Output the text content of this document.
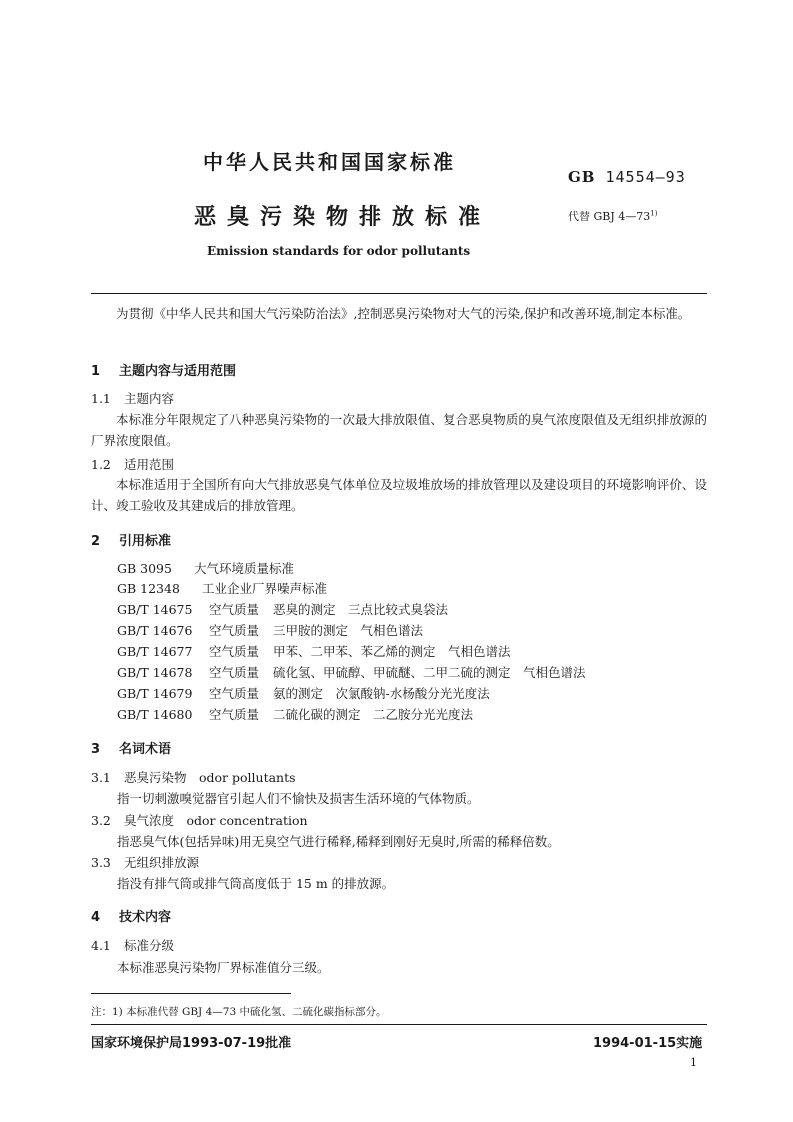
中华人民共和国国家标准
GB 14554—93
恶臭污染物排放标准	代替 GBJ 4—73$^{1)}$
Emission standards for odor pollutants
为贯彻《中华人民共和国大气污染防治法》,控制恶臭污染物对大气的污染,保护和改善环境,制定本标准。
1 主题内容与适用范围
1.1 主题内容
本标准分年限规定了八种恶臭污染物的一次最大排放限值、复合恶臭物质的臭气浓度限值及无组织排放源的厂界浓度限值。
1.2 适用范围
本标准适用于全国所有向大气排放恶臭气体单位及垃圾堆放场的排放管理以及建设项目的环境影响评价、设计、竣工验收及其建成后的排放管理。
2 引用标准
GB 3095 大气环境质量标准
GB 12348 工业企业厂界噪声标准
GB/T 14675 空气质量 恶臭的测定　三点比较式臭袋法
GB/T 14676 空气质量 三甲胺的测定　气相色谱法
GB/T 14677 空气质量 甲苯、二甲苯、苯乙烯的测定　气相色谱法
GB/T 14678 空气质量 硫化氢、甲硫醇、甲硫醚、二甲二硫的测定　气相色谱法
GB/T 14679 空气质量 氨的测定　次氯酸钠-水杨酸分光光度法
GB/T 14680 空气质量 二硫化碳的测定　二乙胺分光光度法
3 名词术语
3.1 恶臭污染物　odor pollutants
指一切刺激嗅觉器官引起人们不愉快及损害生活环境的气体物质。
3.2 臭气浓度　odor concentration
指恶臭气体(包括异味)用无臭空气进行稀释,稀释到刚好无臭时,所需的稀释倍数。
3.3 无组织排放源
指没有排气筒或排气筒高度低于 15 m 的排放源。
4 技术内容
4.1 标准分级
本标准恶臭污染物厂界标准值分三级。
注：1) 本标准代替 GBJ 4—73 中硫化氢、二硫化碳指标部分。
国家环境保护局1993-07-19批准	1994-01-15实施
1
